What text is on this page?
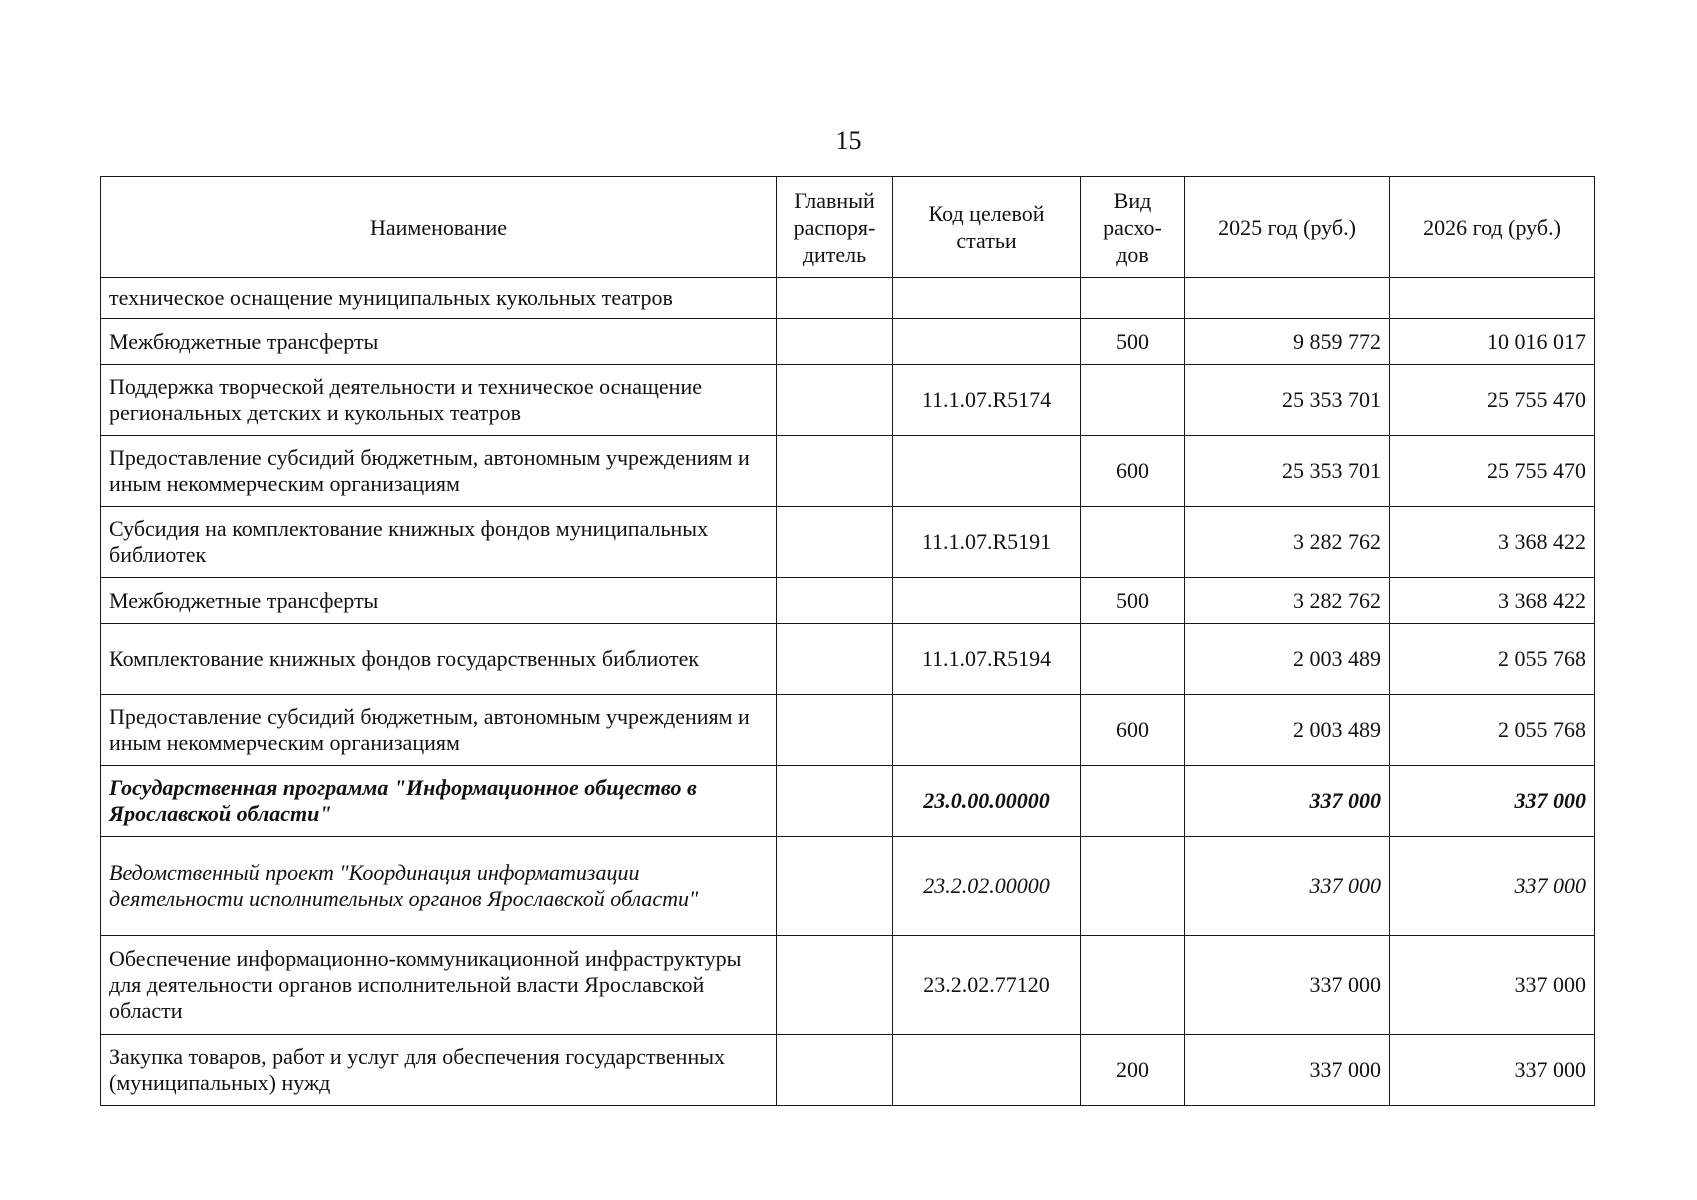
15
Наименование	Главный распоря-дитель	Код целевой статьи	Вид расхо-дов	2025 год (руб.)	2026 год (руб.)
техническое оснащение муниципальных кукольных театров					
Межбюджетные трансферты			500	9 859 772	10 016 017
Поддержка творческой деятельности и техническое оснащение региональных детских и кукольных театров		11.1.07.R5174		25 353 701	25 755 470
Предоставление субсидий бюджетным, автономным учреждениям и иным некоммерческим организациям			600	25 353 701	25 755 470
Субсидия на комплектование книжных фондов муниципальных библиотек		11.1.07.R5191		3 282 762	3 368 422
Межбюджетные трансферты			500	3 282 762	3 368 422
Комплектование книжных фондов государственных библиотек		11.1.07.R5194		2 003 489	2 055 768
Предоставление субсидий бюджетным, автономным учреждениям и иным некоммерческим организациям			600	2 003 489	2 055 768
Государственная программа "Информационное общество в Ярославской области"		23.0.00.00000		337 000	337 000
Ведомственный проект "Координация информатизации деятельности исполнительных органов Ярославской области"		23.2.02.00000		337 000	337 000
Обеспечение информационно-коммуникационной инфраструктуры для деятельности органов исполнительной власти Ярославской области		23.2.02.77120		337 000	337 000
Закупка товаров, работ и услуг для обеспечения государственных (муниципальных) нужд			200	337 000	337 000
